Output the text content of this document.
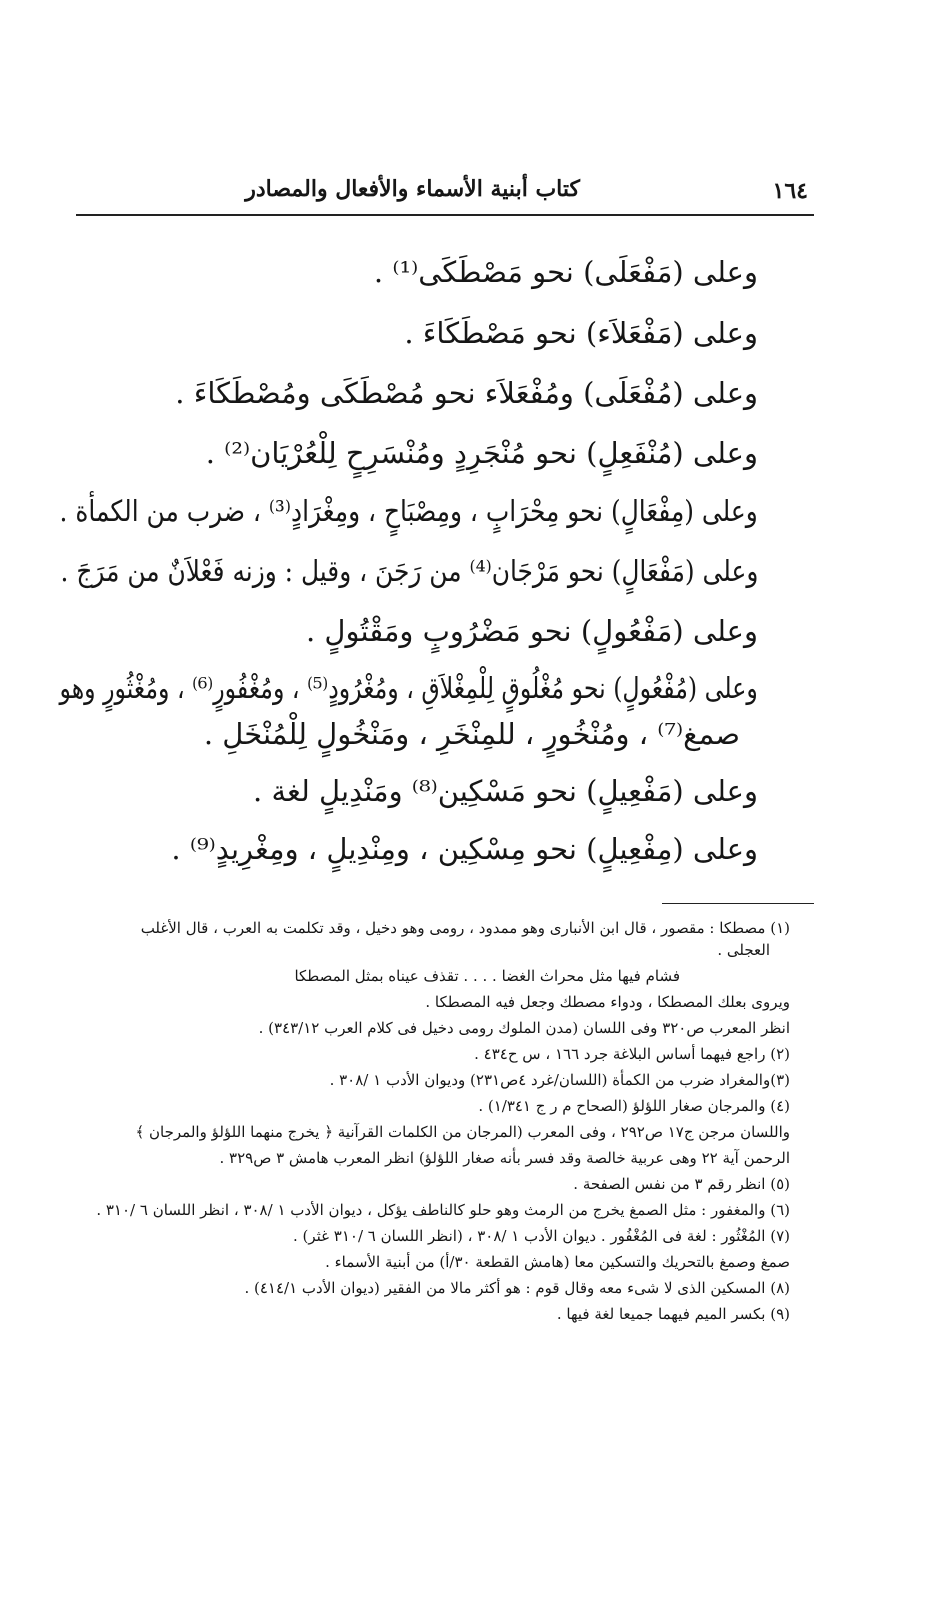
١٦٤
كتاب أبنية الأسماء والأفعال والمصادر
وعلى (مَفْعَلَى) نحو مَصْطَكَى⁽¹⁾ .
وعلى (مَفْعَلاَء) نحو مَصْطَكَاءَ .
وعلى (مُفْعَلَى) ومُفْعَلاَء نحو مُصْطَكَى ومُصْطَكَاءَ .
وعلى (مُنْفَعِلٍ) نحو مُنْجَرِدٍ ومُنْسَرِحٍ لِلْعُرْيَان⁽²⁾ .
وعلى (مِفْعَالٍ) نحو مِحْرَابٍ ، ومِصْبَاحٍ ، ومِغْرَادٍ⁽³⁾ ، ضرب من الكمأة .
وعلى (مَفْعَالٍ) نحو مَرْجَان⁽⁴⁾ من رَجَنَ ، وقيل : وزنه فَعْلاَنٌ من مَرَجَ .
وعلى (مَفْعُولٍ) نحو مَضْرُوبٍ ومَقْتُولٍ .
وعلى (مُفْعُولٍ) نحو مُغْلُوقٍ لِلْمِغْلاَقِ ، ومُغْرُودٍ⁽⁵⁾ ، ومُغْفُورٍ⁽⁶⁾ ، ومُغْثُورٍ وهو
صمغ⁽⁷⁾ ، ومُنْخُورٍ ، للمِنْخَرِ ، ومَنْخُولٍ لِلْمُنْخَلِ .
وعلى (مَفْعِيلٍ) نحو مَسْكِين⁽⁸⁾ ومَنْدِيلٍ لغة .
وعلى (مِفْعِيلٍ) نحو مِسْكِين ، ومِنْدِيلٍ ، ومِغْرِيدٍ⁽⁹⁾ .
(١) مصطكا : مقصور ، قال ابن الأنبارى وهو ممدود ، رومى وهو دخيل ، وقد تكلمت به العرب ، قال الأغلب
العجلى .
فشام فيها مثل محراث الغضا . . . . تقذف عيناه بمثل المصطكا
ويروى بعلك المصطكا ، ودواء مصطك وجعل فيه المصطكا .
انظر المعرب ص٣٢٠ وفى اللسان (مدن الملوك رومى دخيل فى كلام العرب ٣٤٣/١٢) .
(٢) راجع فيهما أساس البلاغة جرد ١٦٦ ، س ح٤٣٤ .
(٣)والمغراد ضرب من الكمأة (اللسان/غرد ٤ص٢٣١) وديوان الأدب ١ /٣٠٨ .
(٤) والمرجان صغار اللؤلؤ (الصحاح م ر ج ١/٣٤١) .
واللسان مرجن ج١٧ ص٢٩٢ ، وفى المعرب (المرجان من الكلمات القرآنية ﴿ يخرج منهما اللؤلؤ والمرجان ﴾
الرحمن آية ٢٢ وهى عربية خالصة وقد فسر بأنه صغار اللؤلؤ) انظر المعرب هامش ٣ ص٣٢٩ .
(٥) انظر رقم ٣ من نفس الصفحة .
(٦) والمغفور : مثل الصمغ يخرج من الرمث وهو حلو كالناطف يؤكل ، ديوان الأدب ١ /٣٠٨ ، انظر اللسان ٦ /٣١٠ .
(٧) المُغْثُور : لغة فى المُغْفُور . ديوان الأدب ١ /٣٠٨ ، (انظر اللسان ٦ /٣١٠ غثر) .
صمغ وصمغ بالتحريك والتسكين معا (هامش القطعة ٣٠/أ) من أبنية الأسماء .
(٨) المسكين الذى لا شىء معه وقال قوم : هو أكثر مالا من الفقير (ديوان الأدب ٤١٤/١) .
(٩) بكسر الميم فيهما جميعا لغة فيها .
